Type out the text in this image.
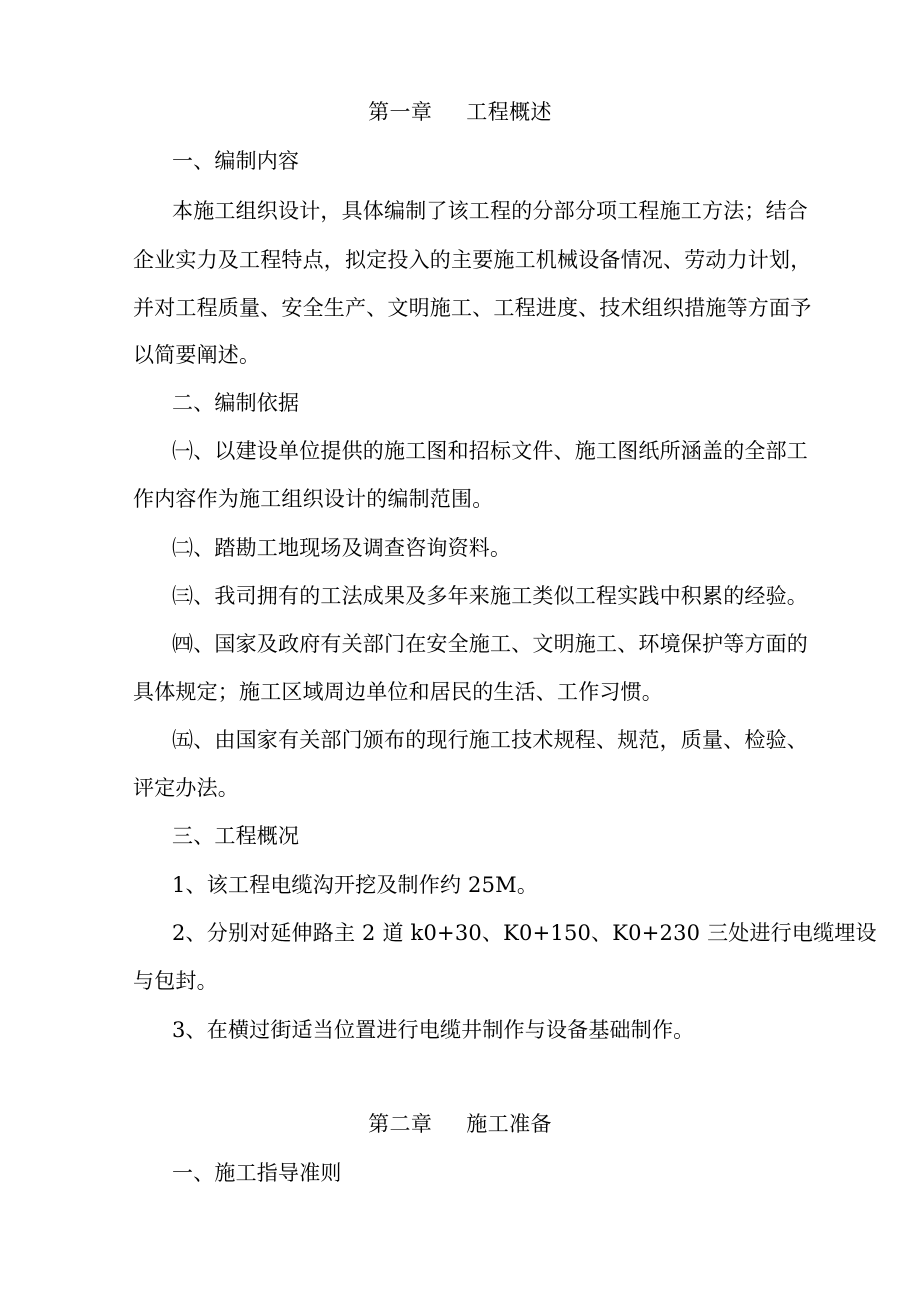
第一章 工程概述
一、编制内容
本施工组织设计，具体编制了该工程的分部分项工程施工方法；结合
企业实力及工程特点，拟定投入的主要施工机械设备情况、劳动力计划，
并对工程质量、安全生产、文明施工、工程进度、技术组织措施等方面予
以简要阐述。
二、编制依据
㈠、以建设单位提供的施工图和招标文件、施工图纸所涵盖的全部工
作内容作为施工组织设计的编制范围。
㈡、踏勘工地现场及调查咨询资料。
㈢、我司拥有的工法成果及多年来施工类似工程实践中积累的经验。
㈣、国家及政府有关部门在安全施工、文明施工、环境保护等方面的
具体规定；施工区域周边单位和居民的生活、工作习惯。
㈤、由国家有关部门颁布的现行施工技术规程、规范，质量、检验、
评定办法。
三、工程概况
1、该工程电缆沟开挖及制作约 25M。
2、分别对延伸路主 2 道 k0+30、K0+150、K0+230 三处进行电缆埋设
与包封。
3、在横过街适当位置进行电缆井制作与设备基础制作。
第二章 施工准备
一、施工指导准则
